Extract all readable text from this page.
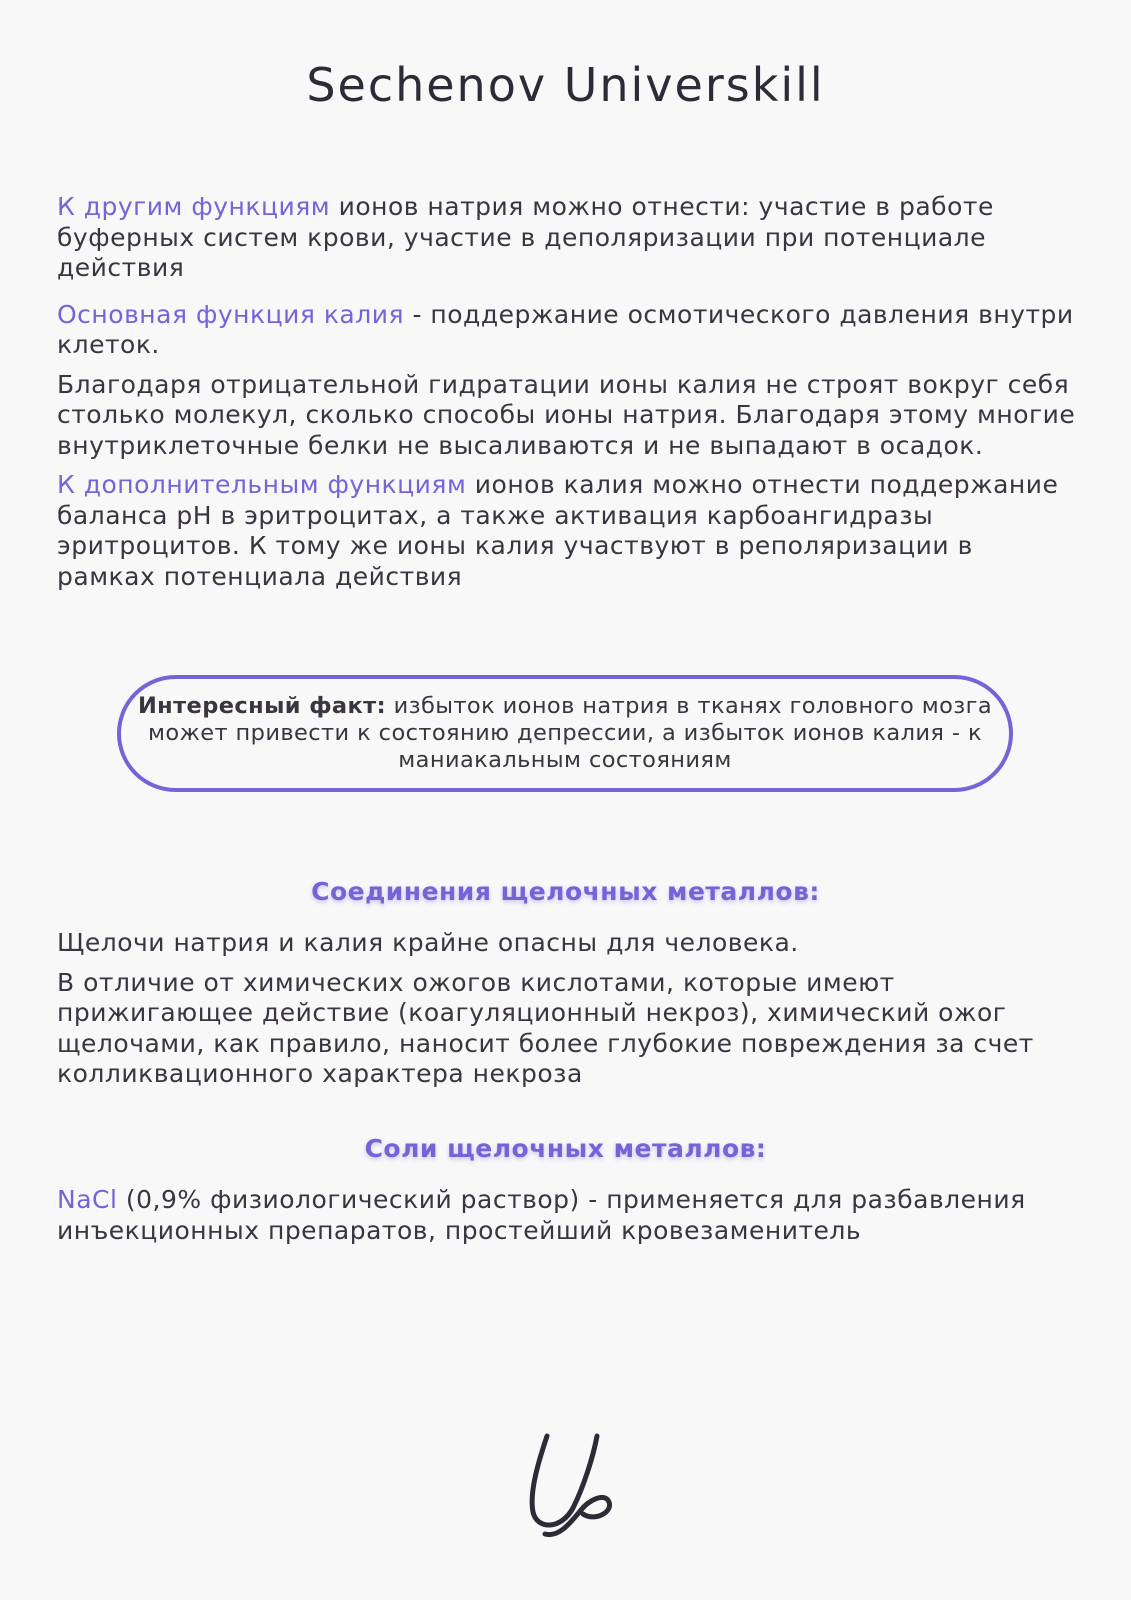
Sechenov Universkill

К другим функциям ионов натрия можно отнести: участие в работе буферных систем крови, участие в деполяризации при потенциале действия

Основная функция калия - поддержание осмотического давления внутри клеток.

Благодаря отрицательной гидратации ионы калия не строят вокруг себя столько молекул, сколько способы ионы натрия. Благодаря этому многие внутриклеточные белки не высаливаются и не выпадают в осадок.

К дополнительным функциям ионов калия можно отнести поддержание баланса pH в эритроцитах, а также активация карбоангидразы эритроцитов. К тому же ионы калия участвуют в реполяризации в рамках потенциала действия

Интересный факт: избыток ионов натрия в тканях головного мозга может привести к состоянию депрессии, а избыток ионов калия - к маниакальным состояниям

Соединения щелочных металлов:

Щелочи натрия и калия крайне опасны для человека.

В отличие от химических ожогов кислотами, которые имеют прижигающее действие (коагуляционный некроз), химический ожог щелочами, как правило, наносит более глубокие повреждения за счет колликвационного характера некроза

Соли щелочных металлов:

NaCl (0,9% физиологический раствор) - применяется для разбавления инъекционных препаратов, простейший кровезаменитель
